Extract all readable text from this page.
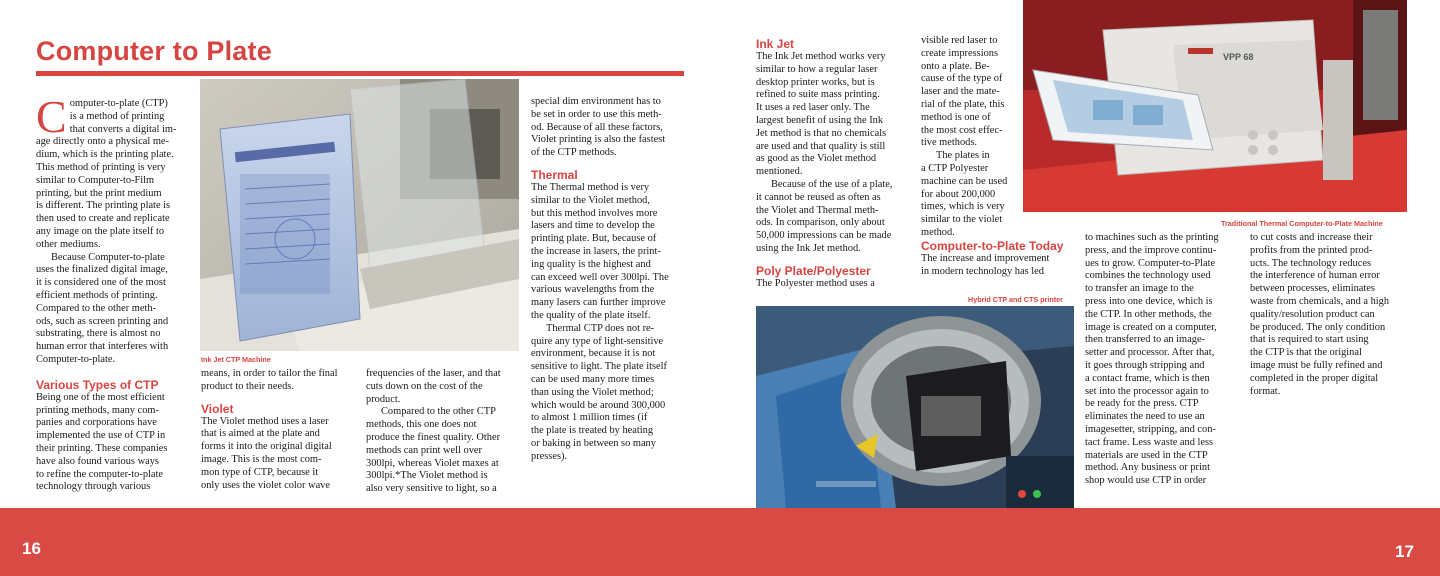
Computer to Plate
C omputer-to-plate (CTP)
is a method of printing
that converts a digital im-
age directly onto a physical me-
dium, which is the printing plate.
This method of printing is very
similar to Computer-to-Film
printing, but the print medium
is different. The printing plate is
then used to create and replicate
any image on the plate itself to
other mediums.
Because Computer-to-plate
uses the finalized digital image,
it is considered one of the most
efficient methods of printing.
Compared to the other meth-
ods, such as screen printing and
substrating, there is almost no
human error that interferes with
Computer-to-plate.
Various Types of CTP
Being one of the most efficient
printing methods, many com-
panies and corporations have
implemented the use of CTP in
their printing. These companies
have also found various ways
to refine the computer-to-plate
technology through various
Ink Jet CTP Machine
means, in order to tailor the final
product to their needs.
Violet
The Violet method uses a laser
that is aimed at the plate and
forms it into the original digital
image. This is the most com-
mon type of CTP, because it
only uses the violet color wave
frequencies of the laser, and that
cuts down on the cost of the
product.
Compared to the other CTP
methods, this one does not
produce the finest quality. Other
methods can print well over
300lpi, whereas Violet maxes at
300lpi.*The Violet method is
also very sensitive to light, so a
special dim environment has to
be set in order to use this meth-
od. Because of all these factors,
Violet printing is also the fastest
of the CTP methods.
Thermal
The Thermal method is very
similar to the Violet method,
but this method involves more
lasers and time to develop the
printing plate. But, because of
the increase in lasers, the print-
ing quality is the highest and
can exceed well over 300lpi. The
various wavelengths from the
many lasers can further improve
the quality of the plate itself.
Thermal CTP does not re-
quire any type of light-sensitive
environment, because it is not
sensitive to light. The plate itself
can be used many more times
than using the Violet method;
which would be around 300,000
to almost 1 million times (if
the plate is treated by heating
or baking in between so many
presses).
Ink Jet
The Ink Jet method works very
similar to how a regular laser
desktop printer works, but is
refined to suite mass printing.
It uses a red laser only. The
largest benefit of using the Ink
Jet method is that no chemicals
are used and that quality is still
as good as the Violet method
mentioned.
Because of the use of a plate,
it cannot be reused as often as
the Violet and Thermal meth-
ods. In comparison, only about
50,000 impressions can be made
using the Ink Jet method.
Poly Plate/Polyester
The Polyester method uses a
visible red laser to
create impressions
onto a plate. Be-
cause of the type of
laser and the mate-
rial of the plate, this
method is one of
the most cost effec-
tive methods.
The plates in
a CTP Polyester
machine can be used
for about 200,000
times, which is very
similar to the violet
method.
Computer-to-Plate Today
The increase and improvement
in modern technology has led
VPP 68
Traditional Thermal Computer-to-Plate Machine
Hybrid CTP and CTS printer
to machines such as the printing
press, and the improve continu-
ues to grow. Computer-to-Plate
combines the technology used
to transfer an image to the
press into one device, which is
the CTP. In other methods, the
image is created on a computer,
then transferred to an image-
setter and processor. After that,
it goes through stripping and
a contact frame, which is then
set into the processor again to
be ready for the press. CTP
eliminates the need to use an
imagesetter, stripping, and con-
tact frame. Less waste and less
materials are used in the CTP
method. Any business or print
shop would use CTP in order
to cut costs and increase their
profits from the printed prod-
ucts. The technology reduces
the interference of human error
between processes, eliminates
waste from chemicals, and a high
quality/resolution product can
be produced. The only condition
that is required to start using
the CTP is that the original
image must be fully refined and
completed in the proper digital
format.
16	17
